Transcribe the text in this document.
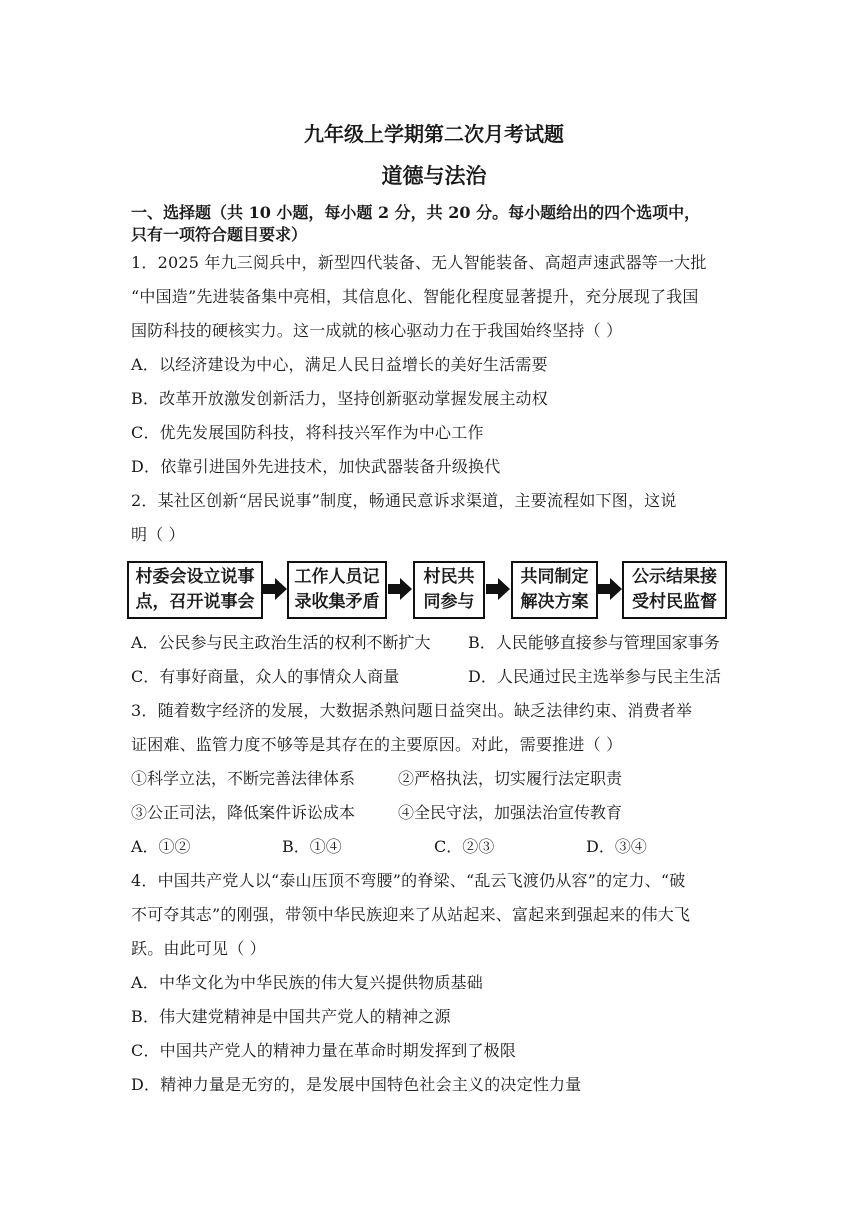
九年级上学期第二次月考试题
道德与法治
一、选择题（共 10 小题，每小题 2 分，共 20 分。每小题给出的四个选项中，
只有一项符合题目要求）
1．2025 年九三阅兵中，新型四代装备、无人智能装备、高超声速武器等一大批
“中国造”先进装备集中亮相，其信息化、智能化程度显著提升，充分展现了我国
国防科技的硬核实力。这一成就的核心驱动力在于我国始终坚持（ ）
A．以经济建设为中心，满足人民日益增长的美好生活需要
B．改革开放激发创新活力，坚持创新驱动掌握发展主动权
C．优先发展国防科技，将科技兴军作为中心工作
D．依靠引进国外先进技术，加快武器装备升级换代
2．某社区创新“居民说事”制度，畅通民意诉求渠道，主要流程如下图，这说
明（ ）
村委会设立说事
点，召开说事会
工作人员记
录收集矛盾
村民共
同参与
共同制定
解决方案
公示结果接
受村民监督
A．公民参与民主政治生活的权利不断扩大 B．人民能够直接参与管理国家事务
C．有事好商量，众人的事情众人商量	D．人民通过民主选举参与民主生活
3．随着数字经济的发展，大数据杀熟问题日益突出。缺乏法律约束、消费者举
证困难、监管力度不够等是其存在的主要原因。对此，需要推进（ ）
①科学立法，不断完善法律体系	②严格执法，切实履行法定职责
③公正司法，降低案件诉讼成本	④全民守法，加强法治宣传教育
A．①②	B．①④	C．②③	D．③④
4．中国共产党人以“泰山压顶不弯腰”的脊梁、“乱云飞渡仍从容”的定力、“破
不可夺其志”的刚强，带领中华民族迎来了从站起来、富起来到强起来的伟大飞
跃。由此可见（ ）
A．中华文化为中华民族的伟大复兴提供物质基础
B．伟大建党精神是中国共产党人的精神之源
C．中国共产党人的精神力量在革命时期发挥到了极限
D．精神力量是无穷的，是发展中国特色社会主义的决定性力量
